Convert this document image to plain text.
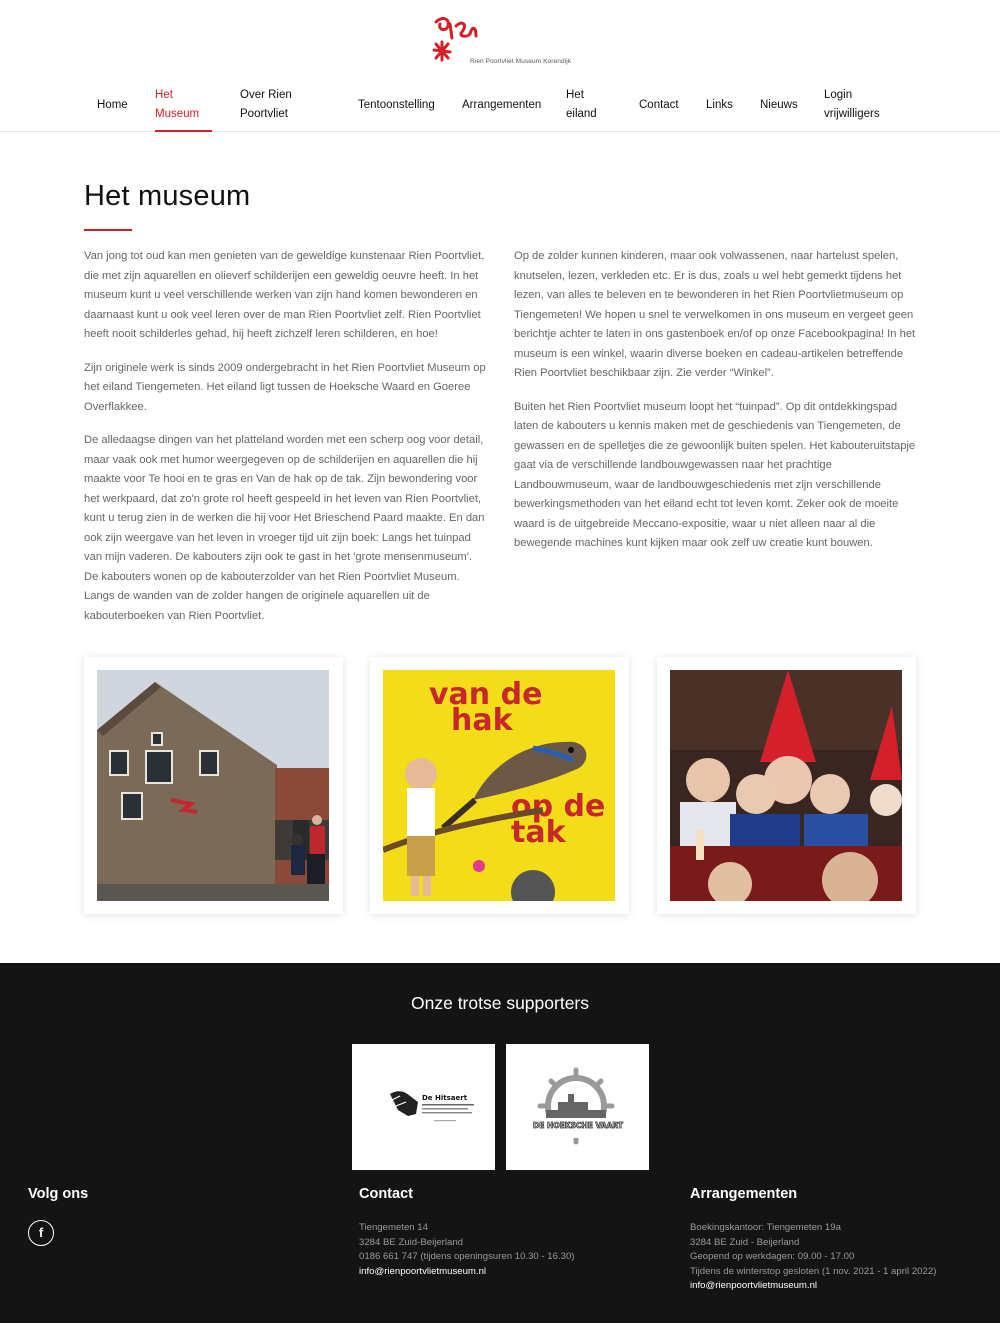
Rien Poortvliet Museum Korendijk
Home
Het
Museum
Over Rien
Poortvliet
Tentoonstelling Arrangementen
Het
eiland
Contact Links Nieuws
Login
vrijwilligers
Het museum

Van jong tot oud kan men genieten van de geweldige kunstenaar Rien Poortvliet, die met zijn aquarellen en olieverf schilderijen een geweldig oeuvre heeft. In het museum kunt u veel verschillende werken van zijn hand komen bewonderen en daarnaast kunt u ook veel leren over de man Rien Poortvliet zelf. Rien Poortvliet heeft nooit schilderles gehad, hij heeft zichzelf leren schilderen, en hoe!

Zijn originele werk is sinds 2009 ondergebracht in het Rien Poortvliet Museum op het eiland Tiengemeten. Het eiland ligt tussen de Hoeksche Waard en Goeree Overflakkee.

De alledaagse dingen van het platteland worden met een scherp oog voor detail, maar vaak ook met humor weergegeven op de schilderijen en aquarellen die hij maakte voor Te hooi en te gras en Van de hak op de tak. Zijn bewondering voor het werkpaard, dat zo'n grote rol heeft gespeeld in het leven van Rien Poortvliet, kunt u terug zien in de werken die hij voor Het Brieschend Paard maakte. En dan ook zijn weergave van het leven in vroeger tijd uit zijn boek: Langs het tuinpad van mijn vaderen. De kabouters zijn ook te gast in het 'grote mensenmuseum'. De kabouters wonen op de kabouterzolder van het Rien Poortvliet Museum. Langs de wanden van de zolder hangen de originele aquarellen uit de kabouterboeken van Rien Poortvliet.

Op de zolder kunnen kinderen, maar ook volwassenen, naar hartelust spelen, knutselen, lezen, verkleden etc. Er is dus, zoals u wel hebt gemerkt tijdens het lezen, van alles te beleven en te bewonderen in het Rien Poortvlietmuseum op Tiengemeten! We hopen u snel te verwelkomen in ons museum en vergeet geen berichtje achter te laten in ons gastenboek en/of op onze Facebookpagina! In het museum is een winkel, waarin diverse boeken en cadeau-artikelen betreffende Rien Poortvliet beschikbaar zijn. Zie verder “Winkel”.

Buiten het Rien Poortvliet museum loopt het “tuinpad”. Op dit ontdekkingspad laten de kabouters u kennis maken met de geschiedenis van Tiengemeten, de gewassen en de spelletjes die ze gewoonlijk buiten spelen. Het kabouteruitstapje gaat via de verschillende landbouwgewassen naar het prachtige Landbouwmuseum, waar de landbouwgeschiedenis met zijn verschillende bewerkingsmethoden van het eiland echt tot leven komt. Zeker ook de moeite waard is de uitgebreide Meccano-expositie, waar u niet alleen naar al die bewegende machines kunt kijken maar ook zelf uw creatie kunt bouwen.

van de
hak
op de
tak
Onze trotse supporters
De Hitsaert
DE HOEKSCHE VAART
Volg ons
f
Contact
Tiengemeten 14
3284 BE Zuid-Beijerland
0186 661 747 (tijdens openingsuren 10.30 - 16.30)
info@rienpoortvlietmuseum.nl
Arrangementen
Boekingskantoor: Tiengemeten 19a
3284 BE Zuid - Beijerland
Geopend op werkdagen: 09.00 - 17.00
Tijdens de winterstop gesloten (1 nov. 2021 - 1 april 2022)
info@rienpoortvlietmuseum.nl
